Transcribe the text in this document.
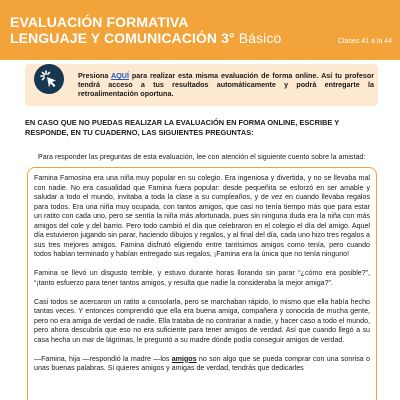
EVALUACIÓN FORMATIVA
LENGUAJE Y COMUNICACIÓN 3° Básico	Clases 41 a la 44
Presiona AQUÍ para realizar esta misma evaluación de forma online. Así tu profesor tendrá acceso a tus resultados automáticamente y podrá entregarte la retroalimentación oportuna.
EN CASO QUE NO PUEDAS REALIZAR LA EVALUACIÓN EN FORMA ONLINE, ESCRIBE Y RESPONDE, EN TU CUADERNO, LAS SIGUIENTES PREGUNTAS:
Para responder las preguntas de esta evaluación, lee con atención el siguiente cuento sobre la amistad:

Famina Famosina era una niña muy popular en su colegio. Era ingeniosa y divertida, y no se llevaba mal con nadie. No era casualidad que Famina fuera popular: desde pequeñita se esforzó en ser amable y saludar a todo el mundo, invitaba a toda la clase a su cumpleaños, y de vez en cuando llevaba regalos para todos. Era una niña muy ocupada, con tantos amigos, que casi no tenía tiempo más que para estar un ratito con cada uno, pero se sentía la niña más afortunada, pues sin ninguna duda era la niña con más amigos del cole y del barrio. Pero todo cambió el día que celebraron en el colegio el día del amigo. Aquel día estuvieron jugando sin parar, haciendo dibujos y regalos, y al final del día, cada uno hizo tres regalos a sus tres mejores amigos. Famina disfrutó eligiendo entre tantísimos amigos como tenía, pero cuando todos habían terminado y habían entregado sus regalos, ¡Famina era la única que no tenía ninguno!

Famina se llevó un disgusto terrible, y estuvo durante horas llorando sin parar “¿cómo era posible?”, “¡tanto esfuerzo para tener tantos amigos, y resulta que nadie la consideraba la mejor amiga?”.

Casi todos se acercaron un ratito a consolarla, pero se marchaban rápido, lo mismo que ella había hecho tantas veces. Y entonces comprendió que ella era buena amiga, compañera y conocida de mucha gente, pero no era amiga de verdad de nadie. Ella trataba de no contrariar a nadie, y hacer caso a todo el mundo, pero ahora descubría que eso no era suficiente para tener amigos de verdad. Así que cuando llegó a su casa hecha un mar de lágrimas, le preguntó a su madre dónde podía conseguir amigos de verdad.

—Famina, hija —respondió la madre —los amigos no son algo que se pueda comprar con una sonrisa o unas buenas palabras. Si quieres amigos y amigas de verdad, tendrás que dedicarles
